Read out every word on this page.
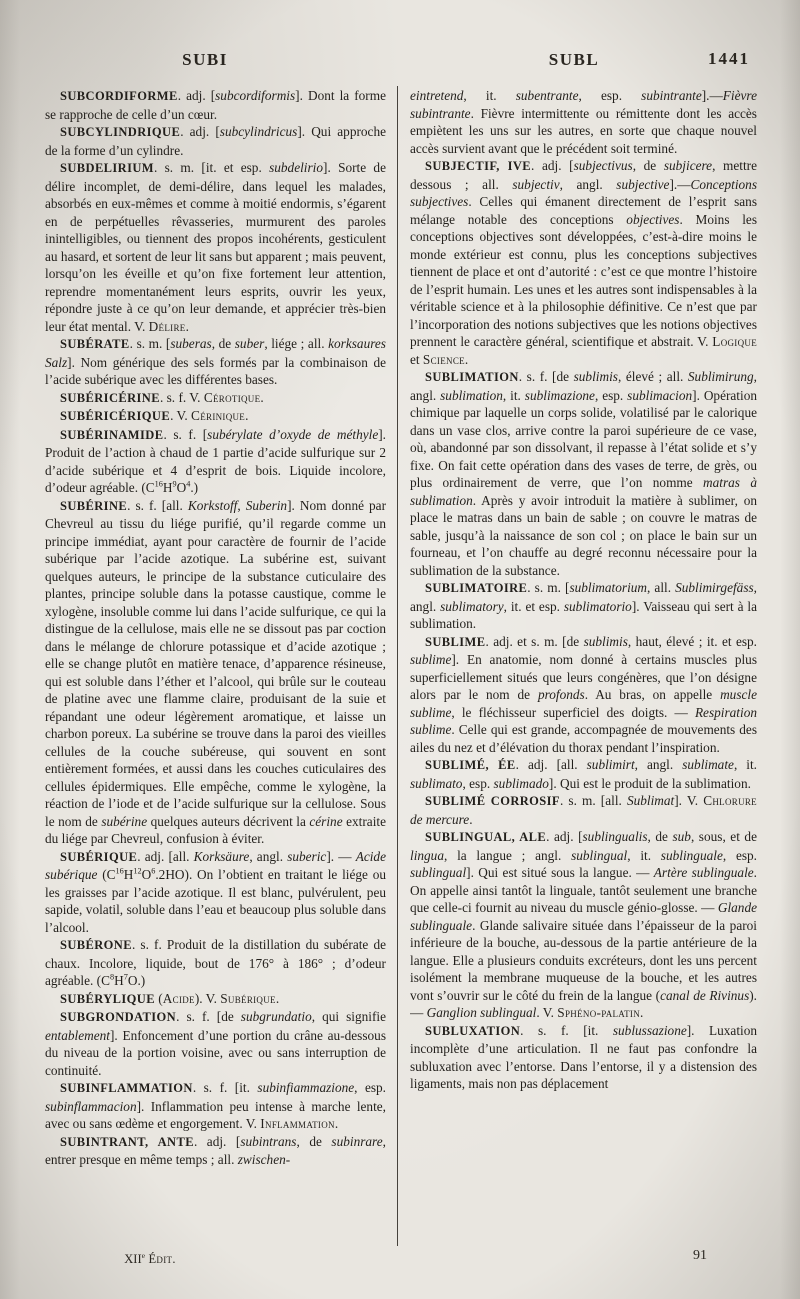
SUBI	SUBL	1441

SUBCORDIFORME. adj. [subcordiformis]. Dont la forme se rapproche de celle d’un cœur.

SUBCYLINDRIQUE. adj. [subcylindricus]. Qui approche de la forme d’un cylindre.

SUBDELIRIUM. s. m. [it. et esp. subdelirio]. Sorte de délire incomplet, de demi-délire, dans lequel les malades, absorbés en eux-mêmes et comme à moitié endormis, s’égarent en de perpétuelles rêvasseries, murmurent des paroles inintelligibles, ou tiennent des propos incohérents, gesticulent au hasard, et sortent de leur lit sans but apparent ; mais peuvent, lorsqu’on les éveille et qu’on fixe fortement leur attention, reprendre momentanément leurs esprits, ouvrir les yeux, répondre juste à ce qu’on leur demande, et apprécier très-bien leur état mental. V. Délire.

SUBÉRATE. s. m. [suberas, de suber, liége ; all. korksaures Salz]. Nom générique des sels formés par la combinaison de l’acide subérique avec les différentes bases.

SUBÉRICÉRINE. s. f. V. Cérotique.

SUBÉRICÉRIQUE. V. Cérinique.

SUBÉRINAMIDE. s. f. [subérylate d’oxyde de méthyle]. Produit de l’action à chaud de 1 partie d’acide sulfurique sur 2 d’acide subérique et 4 d’esprit de bois. Liquide incolore, d’odeur agréable. $(C^{16}H^9O^4.)$

SUBÉRINE. s. f. [all. Korkstoff, Suberin]. Nom donné par Chevreul au tissu du liége purifié, qu’il regarde comme un principe immédiat, ayant pour caractère de fournir de l’acide subérique par l’acide azotique. La subérine est, suivant quelques auteurs, le principe de la substance cuticulaire des plantes, principe soluble dans la potasse caustique, comme le xylogène, insoluble comme lui dans l’acide sulfurique, ce qui la distingue de la cellulose, mais elle ne se dissout pas par coction dans le mélange de chlorure potassique et d’acide azotique ; elle se change plutôt en matière tenace, d’apparence résineuse, qui est soluble dans l’éther et l’alcool, qui brûle sur le couteau de platine avec une flamme claire, produisant de la suie et répandant une odeur légèrement aromatique, et laisse un charbon poreux. La subérine se trouve dans la paroi des vieilles cellules de la couche subéreuse, qui souvent en sont entièrement formées, et aussi dans les couches cuticulaires des cellules épidermiques. Elle empêche, comme le xylogène, la réaction de l’iode et de l’acide sulfurique sur la cellulose. Sous le nom de subérine quelques auteurs décrivent la cérine extraite du liége par Chevreul, confusion à éviter.

SUBÉRIQUE. adj. [all. Korksäure, angl. suberic]. — Acide subérique $(C^{16}H^{12}O^6.2HO)$. On l’obtient en traitant le liége ou les graisses par l’acide azotique. Il est blanc, pulvérulent, peu sapide, volatil, soluble dans l’eau et beaucoup plus soluble dans l’alcool.

SUBÉRONE. s. f. Produit de la distillation du subérate de chaux. Incolore, liquide, bout de 176° à 186° ; d’odeur agréable. $(C^8H^7O.)$

SUBÉRYLIQUE (Acide). V. Subérique.

SUBGRONDATION. s. f. [de subgrundatio, qui signifie entablement]. Enfoncement d’une portion du crâne au-dessous du niveau de la portion voisine, avec ou sans interruption de continuité.

SUBINFLAMMATION. s. f. [it. subinfiammazione, esp. subinflammacion]. Inflammation peu intense à marche lente, avec ou sans œdème et engorgement. V. Inflammation.

SUBINTRANT, ANTE. adj. [subintrans, de subinrare, entrer presque en même temps ; all. zwischen-

eintretend, it. subentrante, esp. subintrante].—Fièvre subintrante. Fièvre intermittente ou rémittente dont les accès empiètent les uns sur les autres, en sorte que chaque nouvel accès survient avant que le précédent soit terminé.

SUBJECTIF, IVE. adj. [subjectivus, de subjicere, mettre dessous ; all. subjectiv, angl. subjective].—Conceptions subjectives. Celles qui émanent directement de l’esprit sans mélange notable des conceptions objectives. Moins les conceptions objectives sont développées, c’est-à-dire moins le monde extérieur est connu, plus les conceptions subjectives tiennent de place et ont d’autorité : c’est ce que montre l’histoire de l’esprit humain. Les unes et les autres sont indispensables à la véritable science et à la philosophie définitive. Ce n’est que par l’incorporation des notions subjectives que les notions objectives prennent le caractère général, scientifique et abstrait. V. Logique et Science.

SUBLIMATION. s. f. [de sublimis, élevé ; all. Sublimirung, angl. sublimation, it. sublimazione, esp. sublimacion]. Opération chimique par laquelle un corps solide, volatilisé par le calorique dans un vase clos, arrive contre la paroi supérieure de ce vase, où, abandonné par son dissolvant, il repasse à l’état solide et s’y fixe. On fait cette opération dans des vases de terre, de grès, ou plus ordinairement de verre, que l’on nomme matras à sublimation. Après y avoir introduit la matière à sublimer, on place le matras dans un bain de sable ; on couvre le matras de sable, jusqu’à la naissance de son col ; on place le bain sur un fourneau, et l’on chauffe au degré reconnu nécessaire pour la sublimation de la substance.

SUBLIMATOIRE. s. m. [sublimatorium, all. Sublimirgefäss, angl. sublimatory, it. et esp. sublimatorio]. Vaisseau qui sert à la sublimation.

SUBLIME. adj. et s. m. [de sublimis, haut, élevé ; it. et esp. sublime]. En anatomie, nom donné à certains muscles plus superficiellement situés que leurs congénères, que l’on désigne alors par le nom de profonds. Au bras, on appelle muscle sublime, le fléchisseur superficiel des doigts. — Respiration sublime. Celle qui est grande, accompagnée de mouvements des ailes du nez et d’élévation du thorax pendant l’inspiration.

SUBLIMÉ, ÉE. adj. [all. sublimirt, angl. sublimate, it. sublimato, esp. sublimado]. Qui est le produit de la sublimation.

SUBLIMÉ CORROSIF. s. m. [all. Sublimat]. V. Chlorure de mercure.

SUBLINGUAL, ALE. adj. [sublingualis, de sub, sous, et de lingua, la langue ; angl. sublingual, it. sublinguale, esp. sublingual]. Qui est situé sous la langue. — Artère sublinguale. On appelle ainsi tantôt la linguale, tantôt seulement une branche que celle-ci fournit au niveau du muscle génio-glosse. — Glande sublinguale. Glande salivaire située dans l’épaisseur de la paroi inférieure de la bouche, au-dessous de la partie antérieure de la langue. Elle a plusieurs conduits excréteurs, dont les uns percent isolément la membrane muqueuse de la bouche, et les autres vont s’ouvrir sur le côté du frein de la langue (canal de Rivinus).— Ganglion sublingual. V. Sphéno-palatin.

SUBLUXATION. s. f. [it. sublussazione]. Luxation incomplète d’une articulation. Il ne faut pas confondre la subluxation avec l’entorse. Dans l’entorse, il y a distension des ligaments, mais non pas déplacement

XIIe Édit.	91
